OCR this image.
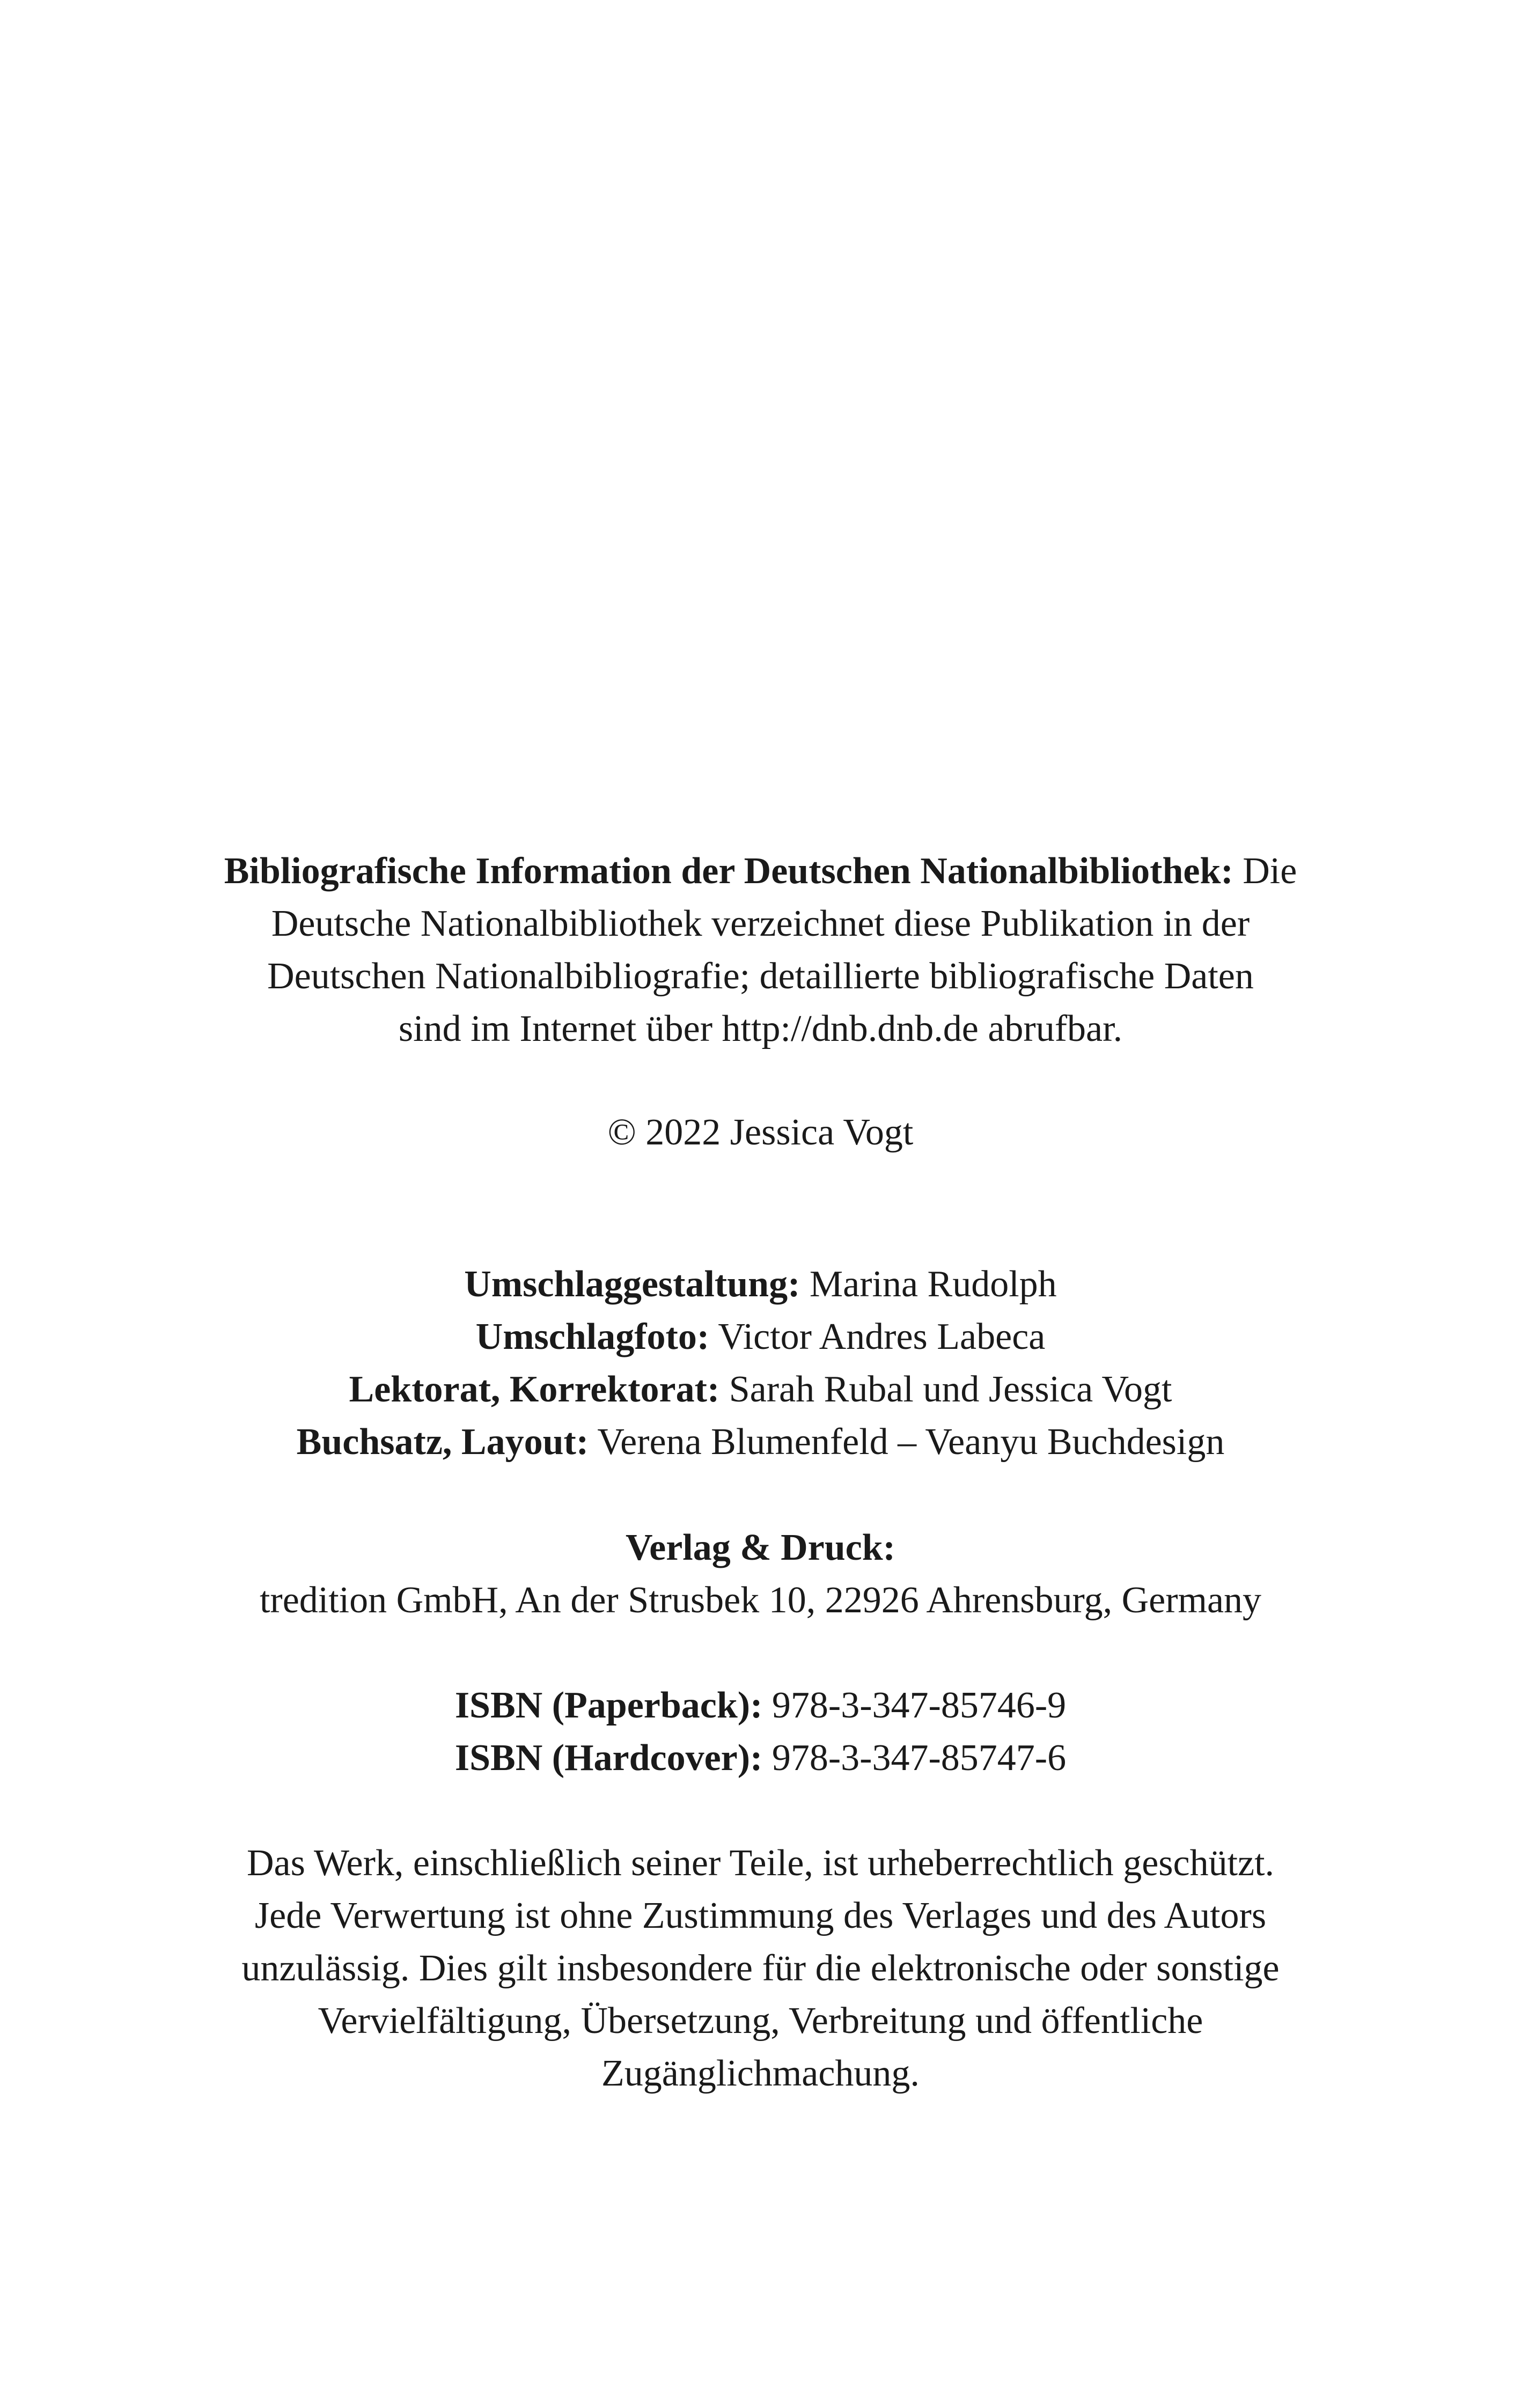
Bibliografische Information der Deutschen Nationalbibliothek: Die
Deutsche Nationalbibliothek verzeichnet diese Publikation in der
Deutschen Nationalbibliografie; detaillierte bibliografische Daten
sind im Internet über http://dnb.dnb.de abrufbar.
© 2022 Jessica Vogt
Umschlaggestaltung: Marina Rudolph
Umschlagfoto: Victor Andres Labeca
Lektorat, Korrektorat: Sarah Rubal und Jessica Vogt
Buchsatz, Layout: Verena Blumenfeld – Veanyu Buchdesign
Verlag & Druck:
tredition GmbH, An der Strusbek 10, 22926 Ahrensburg, Germany
ISBN (Paperback): 978-3-347-85746-9
ISBN (Hardcover): 978-3-347-85747-6
Das Werk, einschließlich seiner Teile, ist urheberrechtlich geschützt.
Jede Verwertung ist ohne Zustimmung des Verlages und des Autors
unzulässig. Dies gilt insbesondere für die elektronische oder sonstige
Vervielfältigung, Übersetzung, Verbreitung und öffentliche
Zugänglichmachung.
